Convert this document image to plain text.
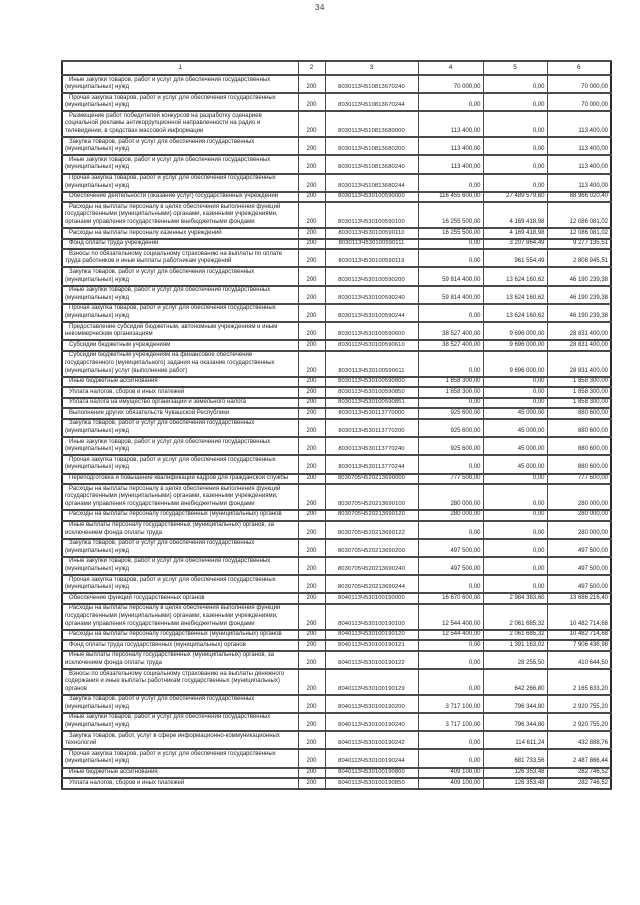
34
1	2	3	4	5	6
Иные закупки товаров, работ и услуг для обеспечения государственных (муниципальных) нужд	200	8030113Ч510813670240	70 000,00	0,00	70 000,00
Прочая закупка товаров, работ и услуг для обеспечения государственных (муниципальных) нужд	200	8030113Ч510813670244	0,00	0,00	70 000,00
Размещение работ победителей конкурсов на разработку сценариев социальной рекламы антикоррупционной направленности на радио и телевидении, в средствах массовой информации	200	8030113Ч510813680000	113 400,00	0,00	113 400,00
Закупка товаров, работ и услуг для обеспечения государственных (муниципальных) нужд	200	8030113Ч510813680200	113 400,00	0,00	113 400,00
Иные закупки товаров, работ и услуг для обеспечения государственных (муниципальных) нужд	200	8030113Ч510813680240	113 400,00	0,00	113 400,00
Прочая закупка товаров, работ и услуг для обеспечения государственных (муниципальных) нужд	200	8030113Ч510813680244	0,00	0,00	113 400,00
Обеспечение деятельности (оказание услуг) государственных учреждений	200	8030113Ч530100590000	116 455 600,00	27 489 579,60	88 966 020,40
Расходы на выплаты персоналу в целях обеспечения выполнения функций государственными (муниципальными) органами, казенными учреждениями, органами управления государственными внебюджетными фондами	200	8030113Ч530100590100	16 255 500,00	4 169 418,98	12 086 081,02
Расходы на выплаты персоналу казенных учреждений	200	8030113Ч530100590110	16 255 500,00	4 169 418,98	12 086 081,02
Фонд оплаты труда учреждений	200	8030113Ч530100590111	0,00	3 207 864,49	9 277 135,51
Взносы по обязательному социальному страхованию на выплаты по оплате труда работников и иные выплаты работникам учреждений	200	8030113Ч530100590119	0,00	961 554,49	2 808 945,51
Закупка товаров, работ и услуг для обеспечения государственных (муниципальных) нужд	200	8030113Ч530100590200	59 814 400,00	13 624 160,62	46 190 239,38
Иные закупки товаров, работ и услуг для обеспечения государственных (муниципальных) нужд	200	8030113Ч530100590240	59 814 400,00	13 624 160,62	46 190 239,38
Прочая закупка товаров, работ и услуг для обеспечения государственных (муниципальных) нужд	200	8030113Ч530100590244	0,00	13 624 160,62	46 190 239,38
Предоставление субсидий бюджетным, автономным учреждениям и иным некоммерческим организациям	200	8030113Ч530100590600	38 527 400,00	9 696 000,00	28 831 400,00
Субсидии бюджетным учреждениям	200	8030113Ч530100590610	38 527 400,00	9 696 000,00	28 831 400,00
Субсидии бюджетным учреждениям на финансовое обеспечение государственного (муниципального) задания на оказание государственных (муниципальных) услуг (выполнение работ)	200	8030113Ч530100590611	0,00	9 696 000,00	28 831 400,00
Иные бюджетные ассигнования	200	8030113Ч530100590800	1 858 300,00	0,00	1 858 300,00
Уплата налогов, сборов и иных платежей	200	8030113Ч530100590850	1 858 300,00	0,00	1 858 300,00
Уплата налога на имущество организаций и земельного налога	200	8030113Ч530100590851	0,00	0,00	1 858 300,00
Выполнение других обязательств Чувашской Республики	200	8030113Ч530113770000	925 600,00	45 000,00	880 600,00
Закупка товаров, работ и услуг для обеспечения государственных (муниципальных) нужд	200	8030113Ч530113770200	925 600,00	45 000,00	880 600,00
Иные закупки товаров, работ и услуг для обеспечения государственных (муниципальных) нужд	200	8030113Ч530113770240	925 600,00	45 000,00	880 600,00
Прочая закупка товаров, работ и услуг для обеспечения государственных (муниципальных) нужд	200	8030113Ч530113770244	0,00	45 000,00	880 600,00
Переподготовка и повышение квалификации кадров для гражданской службы	200	8030705Ч520213690000	777 500,00	0,00	777 500,00
Расходы на выплаты персоналу в целях обеспечения выполнения функций государственными (муниципальными) органами, казенными учреждениями, органами управления государственными внебюджетными фондами	200	8030705Ч520213690100	280 000,00	0,00	280 000,00
Расходы на выплаты персоналу государственных (муниципальных) органов	200	8030705Ч520213690120	280 000,00	0,00	280 000,00
Иные выплаты персоналу государственных (муниципальных) органов, за исключением фонда оплаты труда	200	8030705Ч520213690122	0,00	0,00	280 000,00
Закупка товаров, работ и услуг для обеспечения государственных (муниципальных) нужд	200	8030705Ч520213690200	497 500,00	0,00	497 500,00
Иные закупки товаров, работ и услуг для обеспечения государственных (муниципальных) нужд	200	8030705Ч520213690240	497 500,00	0,00	497 500,00
Прочая закупка товаров, работ и услуг для обеспечения государственных (муниципальных) нужд	200	8030705Ч520213690244	0,00	0,00	497 500,00
Обеспечение функций государственных органов	200	8040113Ч530100190000	16 670 600,00	2 984 383,60	13 686 216,40
Расходы на выплаты персоналу в целях обеспечения выполнения функций государственными (муниципальными) органами, казенными учреждениями, органами управления государственными внебюджетными фондами	200	8040113Ч530100190100	12 544 400,00	2 061 685,32	10 482 714,68
Расходы на выплаты персоналу государственных (муниципальных) органов	200	8040113Ч530100190120	12 544 400,00	2 061 685,32	10 482 714,68
Фонд оплаты труда государственных (муниципальных) органов	200	8040113Ч530100190121	0,00	1 391 163,02	7 906 436,98
Иные выплаты персоналу государственных (муниципальных) органов, за исключением фонда оплаты труда	200	8040113Ч530100190122	0,00	28 255,50	410 644,50
Взносы по обязательному социальному страхованию на выплаты денежного содержания и иные выплаты работникам государственных (муниципальных) органов	200	8040113Ч530100190129	0,00	642 266,80	2 165 633,20
Закупка товаров, работ и услуг для обеспечения государственных (муниципальных) нужд	200	8040113Ч530100190200	3 717 100,00	796 344,80	2 920 755,20
Иные закупки товаров, работ и услуг для обеспечения государственных (муниципальных) нужд	200	8040113Ч530100190240	3 717 100,00	796 344,80	2 920 755,20
Закупка товаров, работ, услуг в сфере информационно-коммуникационных технологий	200	8040113Ч530100190242	0,00	114 611,24	432 888,76
Прочая закупка товаров, работ и услуг для обеспечения государственных (муниципальных) нужд	200	8040113Ч530100190244	0,00	681 733,56	2 487 866,44
Иные бюджетные ассигнования	200	8040113Ч530100190800	409 100,00	126 353,48	282 746,52
Уплата налогов, сборов и иных платежей	200	8040113Ч530100190850	409 100,00	126 353,48	282 746,52
